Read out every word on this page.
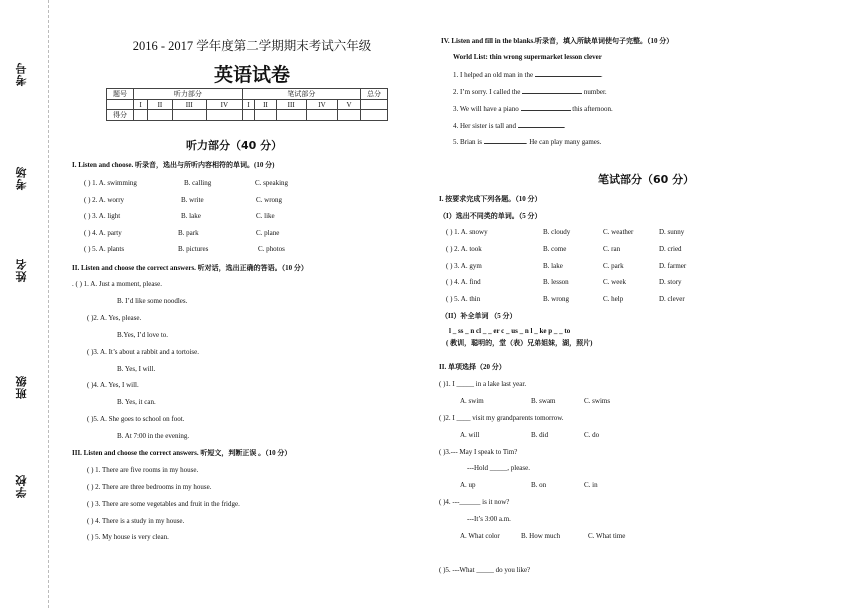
考号
考场
姓名
班级
学校
2016 - 2017 学年度第二学期期末考试六年级
英语试卷
题号	听力部分				笔试部分					总分
	I	II	III	IV	I	II	III	IV	V	
得分										
听力部分（40 分）
I. Listen and choose. 听录音，选出与所听内容相符的单词。(10 分)
( ) 1. A. swimming	B. calling	C. speaking
( ) 2. A. worry	B. write	C. wrong
( ) 3. A. light	B. lake	C. like
( ) 4. A. party	B. park	C. plane
( ) 5. A. plants	B. pictures	C. photos
II. Listen and choose the correct answers. 听对话，选出正确的答语。（10 分）
. ( ) 1. A. Just a moment, please.
B. I’d like some noodles.
( )2. A. Yes, please.
B.Yes, I’d love to.
( )3. A. It’s about a rabbit and a tortoise.
B. Yes, I will.
( )4. A. Yes, I will.
B. Yes, it can.
( )5. A. She goes to school on foot.
B. At 7:00 in the evening.
III. Listen and choose the correct answers. 听短文，判断正误 。（10 分）
( ) 1. There are five rooms in my house.
( ) 2. There are three bedrooms in my house.
( ) 3. There are some vegetables and fruit in the fridge.
( ) 4. There is a study in my house.
( ) 5. My house is very clean.
IV. Listen and fill in the blanks.听录音，填入所缺单词使句子完整。（10 分）
World List: thin wrong supermarket lesson clever
1. I helped an old man in the	.
2. I’m sorry. I called the	number.
3. We will have a piano	this afternoon.
4. Her sister is tall and	.
5. Brian is	. He can play many games.
笔试部分（60 分）
I. 按要求完成下列各题。（10 分）
（I）选出不同类的单词。（5 分）
( ) 1. A. snowy	B. cloudy	C. weather	D. sunny
( ) 2. A. took	B. come	C. ran	D. cried
( ) 3. A. gym	B. lake	C. park	D. farmer
( ) 4. A. find	B. lesson	C. week	D. story
( ) 5. A. thin	B. wrong	C. help	D. clever
（II）补全单词 （5 分）
l _ ss _ n cl _ _ er c _ us _ n l _ ke p _ _ to
( 教训，聪明的，堂（表）兄弟姐妹，湖，照片)
II. 单项选择（20 分）
( )1. I _____ in a lake last year.
A. swim	B. swam	C. swims
( )2. I ____ visit my grandparents tomorrow.
A. will	B. did	C. do
( )3.--- May I speak to Tim?
---Hold _____, please.
A. up	B. on	C. in
( )4. ---______ is it now?
---It’s 3:00 a.m.
A. What color	B. How much	C. What time
( )5. ---What _____ do you like?
